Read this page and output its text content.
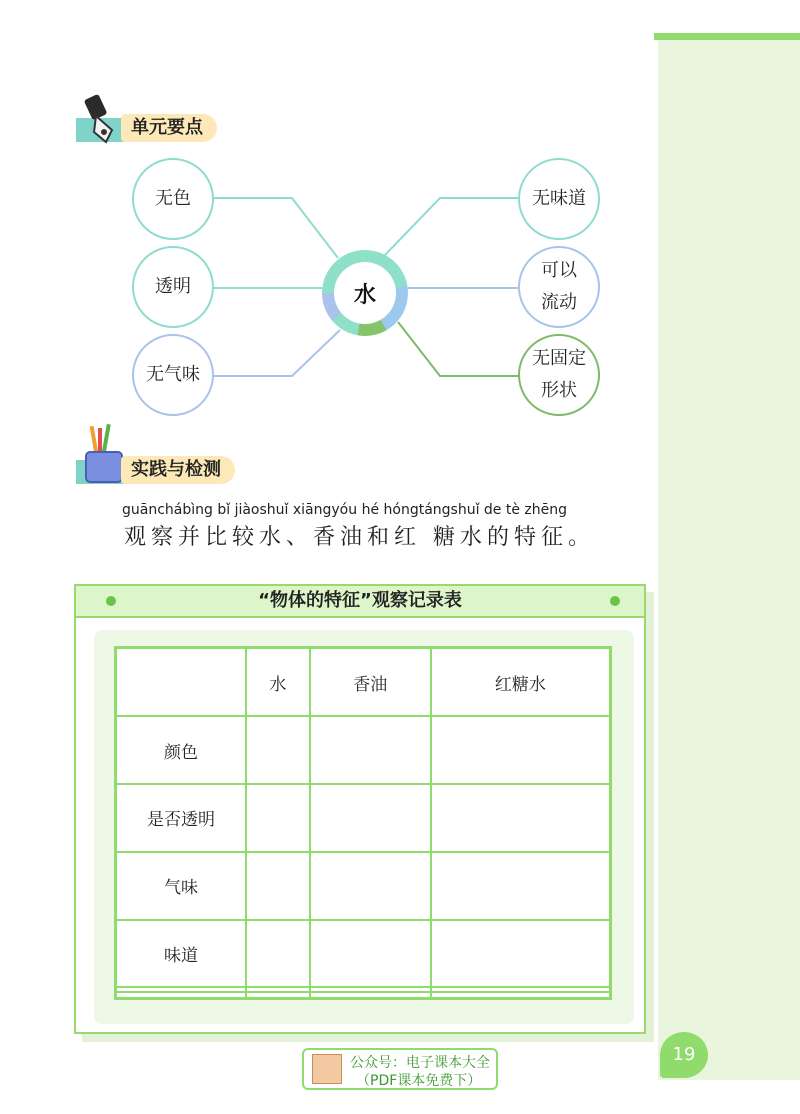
单元要点
无色
透明
无气味
水
无味道
可以
流动
无固定
形状
实践与检测
guānchábìng bǐ jiàoshuǐ xiāngyóu hé hóngtángshuǐ de tè zhēng
观察并比较水、香油和红 糖水的特征。
“物体的特征”观察记录表
	水	香油	红糖水
颜色			
是否透明			
气味			
味道			

公众号：电子课本大全
（PDF课本免费下）
19
